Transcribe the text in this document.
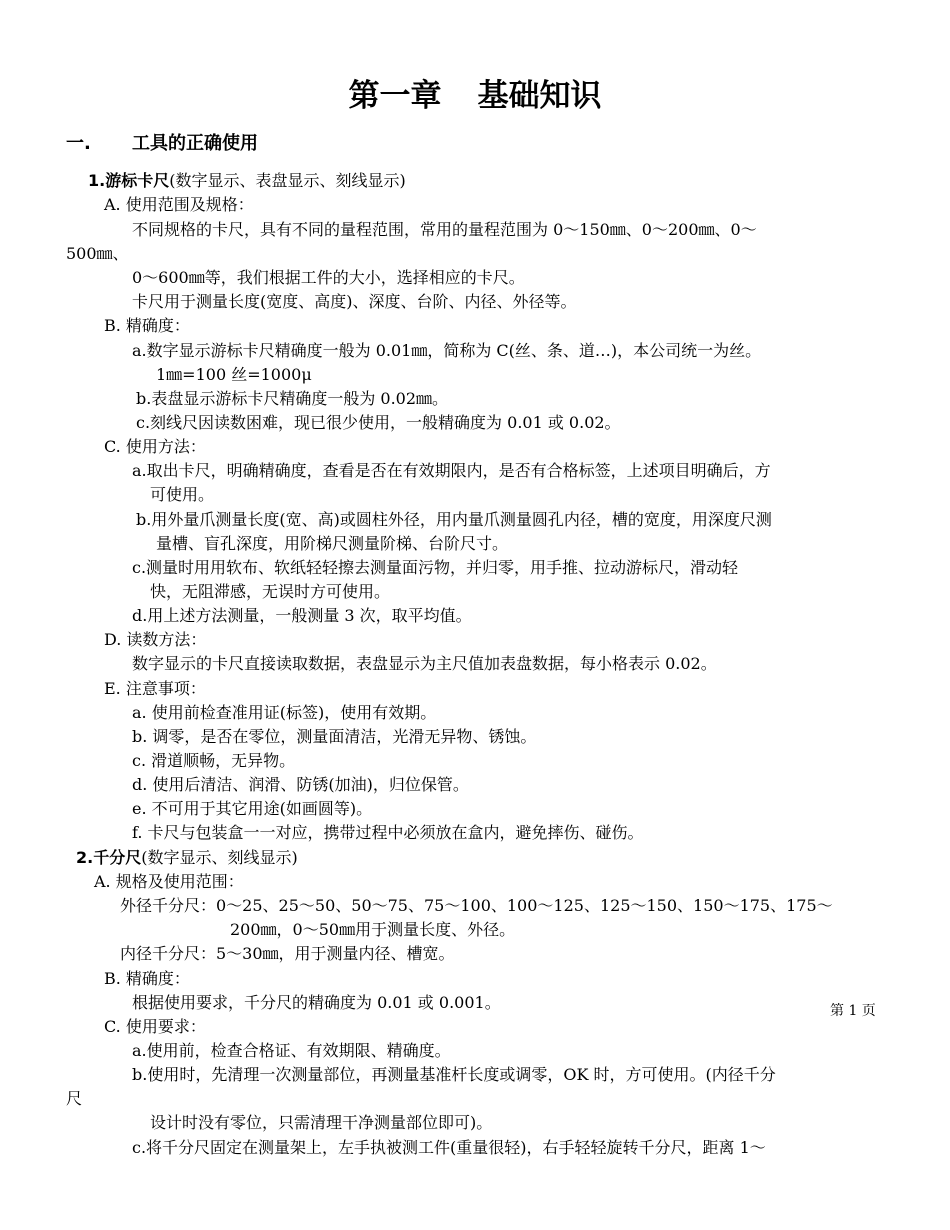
第一章 基础知识
一. 工具的正确使用
1.游标卡尺(数字显示、表盘显示、刻线显示)
A. 使用范围及规格：
不同规格的卡尺，具有不同的量程范围，常用的量程范围为 0～150㎜、0～200㎜、0～
500㎜、
0～600㎜等，我们根据工件的大小，选择相应的卡尺。
卡尺用于测量长度(宽度、高度)、深度、台阶、内径、外径等。
B. 精确度：
a.数字显示游标卡尺精确度一般为 0.01㎜，简称为 C(丝、条、道…)，本公司统一为丝。
1㎜=100 丝=1000μ
b.表盘显示游标卡尺精确度一般为 0.02㎜。
c.刻线尺因读数困难，现已很少使用，一般精确度为 0.01 或 0.02。
C. 使用方法：
a.取出卡尺，明确精确度，查看是否在有效期限内，是否有合格标签，上述项目明确后，方
可使用。
b.用外量爪测量长度(宽、高)或圆柱外径，用内量爪测量圆孔内径，槽的宽度，用深度尺测
量槽、盲孔深度，用阶梯尺测量阶梯、台阶尺寸。
c.测量时用用软布、软纸轻轻擦去测量面污物，并归零，用手推、拉动游标尺，滑动轻
快，无阻滞感，无误时方可使用。
d.用上述方法测量，一般测量 3 次，取平均值。
D. 读数方法：
数字显示的卡尺直接读取数据，表盘显示为主尺值加表盘数据，每小格表示 0.02。
E. 注意事项：
a. 使用前检查准用证(标签)，使用有效期。
b. 调零，是否在零位，测量面清洁，光滑无异物、锈蚀。
c. 滑道顺畅，无异物。
d. 使用后清洁、润滑、防锈(加油)，归位保管。
e. 不可用于其它用途(如画圆等)。
f. 卡尺与包装盒一一对应，携带过程中必须放在盒内，避免摔伤、碰伤。
2.千分尺(数字显示、刻线显示)
A. 规格及使用范围：
外径千分尺：0～25、25～50、50～75、75～100、100～125、125～150、150～175、175～
200㎜，0～50㎜用于测量长度、外径。
内径千分尺：5～30㎜，用于测量内径、槽宽。
B. 精确度：
根据使用要求，千分尺的精确度为 0.01 或 0.001。	第 1 页
C. 使用要求：
a.使用前，检查合格证、有效期限、精确度。
b.使用时，先清理一次测量部位，再测量基准杆长度或调零，OK 时，方可使用。(内径千分
尺
设计时没有零位，只需清理干净测量部位即可)。
c.将千分尺固定在测量架上，左手执被测工件(重量很轻)，右手轻轻旋转千分尺，距离 1～
